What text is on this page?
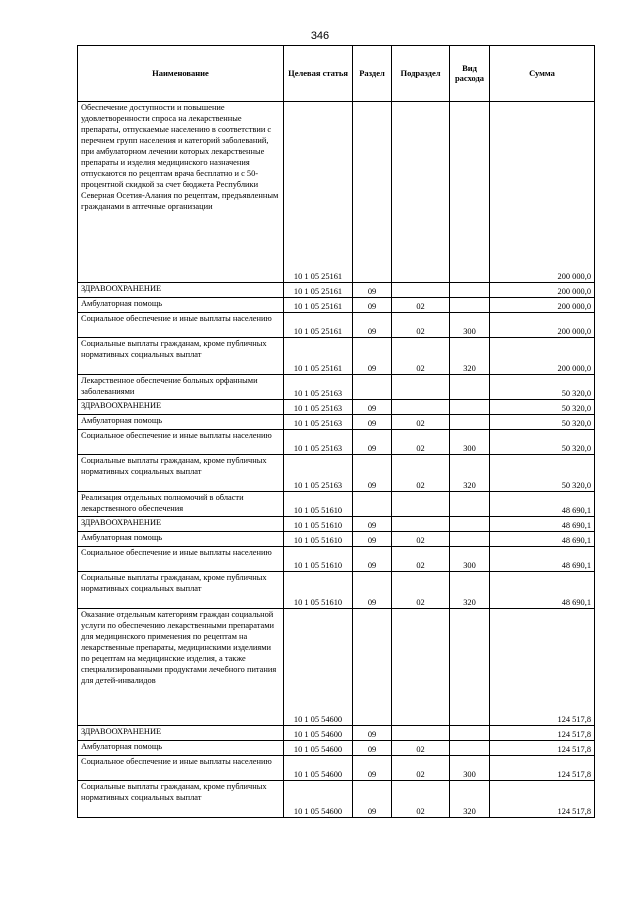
346
Наименование	Целевая статья	Раздел	Подраздел	Вид расхода	Сумма

Обеспечение доступности и повышение удовлетворенности спроса на лекарственные препараты, отпускаемые населению в соответствии с перечнем групп населения и категорий заболеваний, при амбулаторном лечении которых лекарственные препараты и изделия медицинского назначения отпускаются по рецептам врача бесплатно и с 50-процентной скидкой за счет бюджета Республики Северная Осетия-Алания по рецептам, предъявленным гражданами в аптечные организации	10 1 05 25161				200 000,0

ЗДРАВООХРАНЕНИЕ	10 1 05 25161	09			200 000,0

Амбулаторная помощь	10 1 05 25161	09	02		200 000,0

Социальное обеспечение и иные выплаты населению	10 1 05 25161	09	02	300	200 000,0

Социальные выплаты гражданам, кроме публичных нормативных социальных выплат	10 1 05 25161	09	02	320	200 000,0

Лекарственное обеспечение больных орфанными заболеваниями	10 1 05 25163				50 320,0

ЗДРАВООХРАНЕНИЕ	10 1 05 25163	09			50 320,0

Амбулаторная помощь	10 1 05 25163	09	02		50 320,0

Социальное обеспечение и иные выплаты населению	10 1 05 25163	09	02	300	50 320,0

Социальные выплаты гражданам, кроме публичных нормативных социальных выплат	10 1 05 25163	09	02	320	50 320,0

Реализация отдельных полномочий в области лекарственного обеспечения	10 1 05 51610				48 690,1

ЗДРАВООХРАНЕНИЕ	10 1 05 51610	09			48 690,1

Амбулаторная помощь	10 1 05 51610	09	02		48 690,1

Социальное обеспечение и иные выплаты населению	10 1 05 51610	09	02	300	48 690,1

Социальные выплаты гражданам, кроме публичных нормативных социальных выплат	10 1 05 51610	09	02	320	48 690,1

Оказание отдельным категориям граждан социальной услуги по обеспечению лекарственными препаратами для медицинского применения по рецептам на лекарственные препараты, медицинскими изделиями по рецептам на медицинские изделия, а также специализированными продуктами лечебного питания для детей-инвалидов	10 1 05 54600				124 517,8

ЗДРАВООХРАНЕНИЕ	10 1 05 54600	09			124 517,8

Амбулаторная помощь	10 1 05 54600	09	02		124 517,8

Социальное обеспечение и иные выплаты населению	10 1 05 54600	09	02	300	124 517,8

Социальные выплаты гражданам, кроме публичных нормативных социальных выплат	10 1 05 54600	09	02	320	124 517,8
